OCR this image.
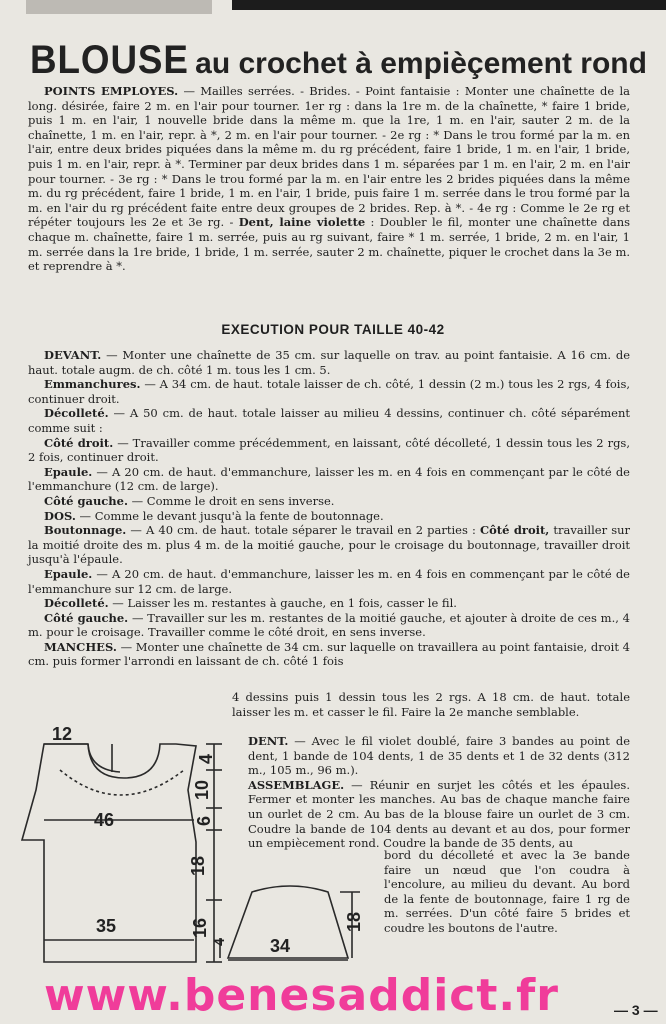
BLOUSE au crochet à empièçement rond
POINTS EMPLOYES. — Mailles serrées. - Brides. - Point fantaisie : Monter une chaînette de la long. désirée, faire 2 m. en l'air pour tourner. 1er rg : dans la 1re m. de la chaînette, * faire 1 bride, puis 1 m. en l'air, 1 nouvelle bride dans la même m. que la 1re, 1 m. en l'air, sauter 2 m. de la chaînette, 1 m. en l'air, repr. à *, 2 m. en l'air pour tourner. - 2e rg : * Dans le trou formé par la m. en l'air, entre deux brides piquées dans la même m. du rg précédent, faire 1 bride, 1 m. en l'air, 1 bride, puis 1 m. en l'air, repr. à *. Terminer par deux brides dans 1 m. séparées par 1 m. en l'air, 2 m. en l'air pour tourner. - 3e rg : * Dans le trou formé par la m. en l'air entre les 2 brides piquées dans la même m. du rg précédent, faire 1 bride, 1 m. en l'air, 1 bride, puis faire 1 m. serrée dans le trou formé par la m. en l'air du rg précédent faite entre deux groupes de 2 brides. Rep. à *. - 4e rg : Comme le 2e rg et répéter toujours les 2e et 3e rg. - Dent, laine violette : Doubler le fil, monter une chaînette dans chaque m. chaînette, faire 1 m. serrée, puis au rg suivant, faire * 1 m. serrée, 1 bride, 2 m. en l'air, 1 m. serrée dans la 1re bride, 1 bride, 1 m. serrée, sauter 2 m. chaînette, piquer le crochet dans la 3e m. et reprendre à *.
EXECUTION POUR TAILLE 40-42
DEVANT. — Monter une chaînette de 35 cm. sur laquelle on trav. au point fantaisie. A 16 cm. de haut. totale augm. de ch. côté 1 m. tous les 1 cm. 5.
Emmanchures. — A 34 cm. de haut. totale laisser de ch. côté, 1 dessin (2 m.) tous les 2 rgs, 4 fois, continuer droit.
Décolleté. — A 50 cm. de haut. totale laisser au milieu 4 dessins, continuer ch. côté séparément comme suit :
Côté droit. — Travailler comme précédemment, en laissant, côté décolleté, 1 dessin tous les 2 rgs, 2 fois, continuer droit.
Epaule. — A 20 cm. de haut. d'emmanchure, laisser les m. en 4 fois en commençant par le côté de l'emmanchure (12 cm. de large).
Côté gauche. — Comme le droit en sens inverse.
DOS. — Comme le devant jusqu'à la fente de boutonnage.
Boutonnage. — A 40 cm. de haut. totale séparer le travail en 2 parties : Côté droit, travailler sur la moitié droite des m. plus 4 m. de la moitié gauche, pour le croisage du boutonnage, travailler droit jusqu'à l'épaule.
Epaule. — A 20 cm. de haut. d'emmanchure, laisser les m. en 4 fois en commençant par le côté de l'emmanchure sur 12 cm. de large.
Décolleté. — Laisser les m. restantes à gauche, en 1 fois, casser le fil.
Côté gauche. — Travailler sur les m. restantes de la moitié gauche, et ajouter à droite de ces m., 4 m. pour le croisage. Travailler comme le côté droit, en sens inverse.
MANCHES. — Monter une chaînette de 34 cm. sur laquelle on travaillera au point fantaisie, droit 4 cm. puis former l'arrondi en laissant de ch. côté 1 fois
4 dessins puis 1 dessin tous les 2 rgs. A 18 cm. de haut. totale laisser les m. et casser le fil. Faire la 2e manche semblable.
DENT. — Avec le fil violet doublé, faire 3 bandes au point de dent, 1 bande de 104 dents, 1 de 35 dents et 1 de 32 dents (312 m., 105 m., 96 m.).
ASSEMBLAGE. — Réunir en surjet les côtés et les épaules. Fermer et monter les manches. Au bas de chaque manche faire un ourlet de 2 cm. Au bas de la blouse faire un ourlet de 3 cm. Coudre la bande de 104 dents au devant et au dos, pour former un empiècement rond. Coudre la bande de 35 dents, au
bord du décolleté et avec la 3e bande faire un nœud que l'on coudra à l'encolure, au milieu du devant. Au bord de la fente de boutonnage, faire 1 rg de m. serrées. D'un côté faire 5 brides et coudre les boutons de l'autre.
12
46
35
4
10
6
18
16
34
4
18
www.benesaddict.fr	— 3 —
